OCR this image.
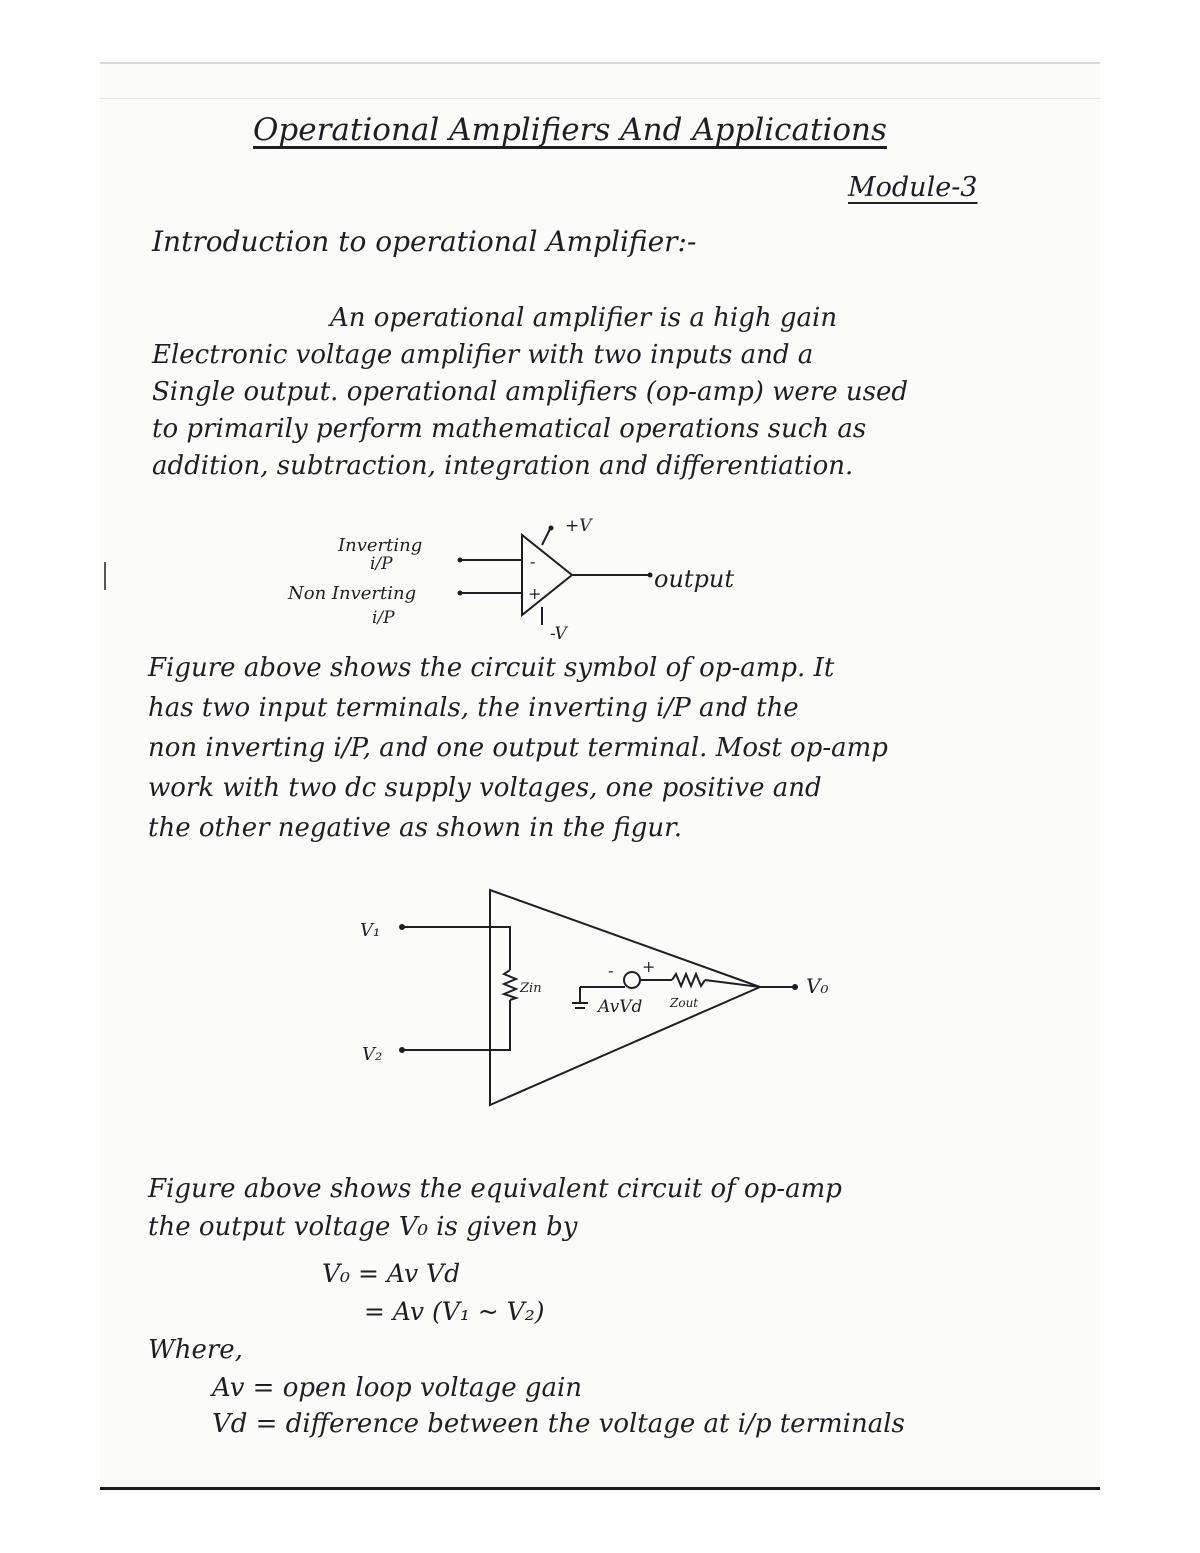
Operational Amplifiers And Applications
Module-3
Introduction to operational Amplifier:-
An operational amplifier is a high gain
Electronic voltage amplifier with two inputs and a
Single output. operational amplifiers (op-amp) were used
to primarily perform mathematical operations such as
addition, subtraction, integration and differentiation.
Inverting
i/P
Non Inverting
i/P
+V
-V
-
+
output
Figure above shows the circuit symbol of op-amp. It
has two input terminals, the inverting i/P and the
non inverting i/P, and one output terminal. Most op-amp
work with two dc supply voltages, one positive and
the other negative as shown in the figur.
V₁
V₂
Zin
- +
AvVd Zout
V₀
Figure above shows the equivalent circuit of op-amp
the output voltage V₀ is given by
V₀ = Av Vd
= Av (V₁ ~ V₂)
Where,
Av = open loop voltage gain
Vd = difference between the voltage at i/p terminals
